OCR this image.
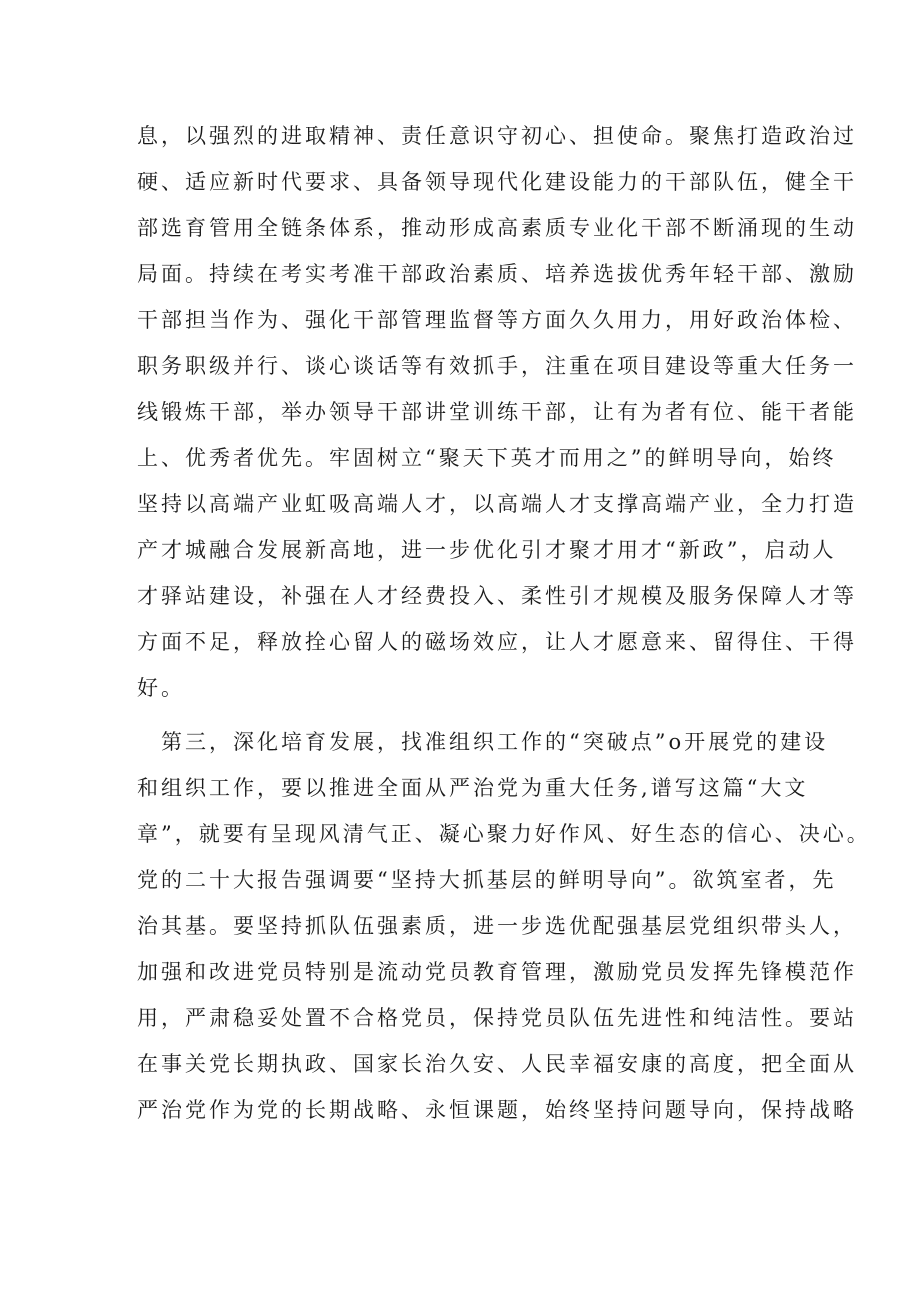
息，以强烈的进取精神、责任意识守初心、担使命。聚焦打造政治过
硬、适应新时代要求、具备领导现代化建设能力的干部队伍，健全干
部选育管用全链条体系，推动形成高素质专业化干部不断涌现的生动
局面。持续在考实考准干部政治素质、培养选拔优秀年轻干部、激励
干部担当作为、强化干部管理监督等方面久久用力，用好政治体检、
职务职级并行、谈心谈话等有效抓手，注重在项目建设等重大任务一
线锻炼干部，举办领导干部讲堂训练干部，让有为者有位、能干者能
上、优秀者优先。牢固树立“聚天下英才而用之”的鲜明导向，始终
坚持以高端产业虹吸高端人才，以高端人才支撑高端产业，全力打造
产才城融合发展新高地，进一步优化引才聚才用才“新政”，启动人
才驿站建设，补强在人才经费投入、柔性引才规模及服务保障人才等
方面不足，释放拴心留人的磁场效应，让人才愿意来、留得住、干得
好。
　第三，深化培育发展，找准组织工作的“突破点”o开展党的建设
和组织工作，要以推进全面从严治党为重大任务,谱写这篇“大文
章”，就要有呈现风清气正、凝心聚力好作风、好生态的信心、决心。
党的二十大报告强调要“坚持大抓基层的鲜明导向”。欲筑室者，先
治其基。要坚持抓队伍强素质，进一步选优配强基层党组织带头人，
加强和改进党员特别是流动党员教育管理，激励党员发挥先锋模范作
用，严肃稳妥处置不合格党员，保持党员队伍先进性和纯洁性。要站
在事关党长期执政、国家长治久安、人民幸福安康的高度，把全面从
严治党作为党的长期战略、永恒课题，始终坚持问题导向，保持战略
